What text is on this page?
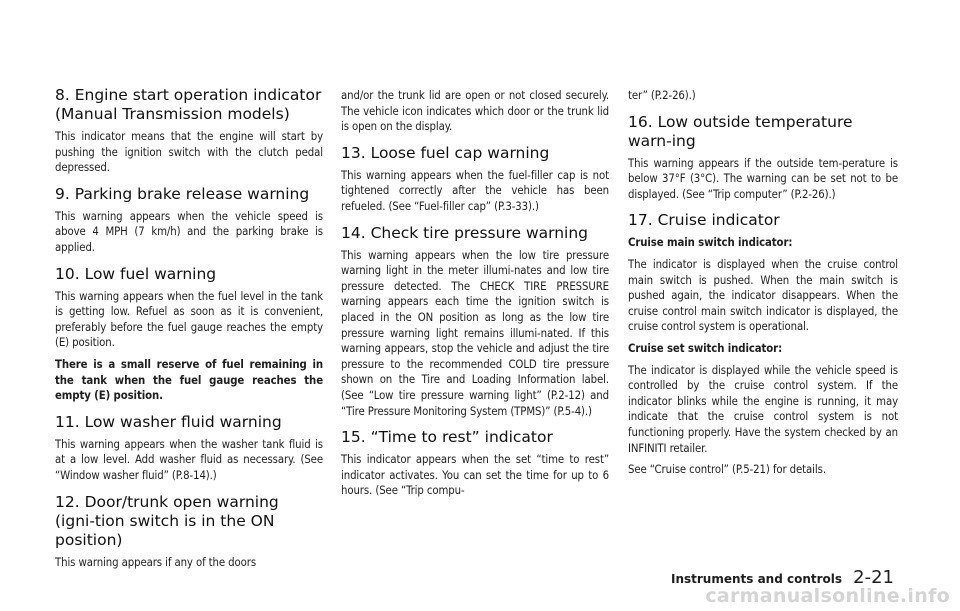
8. Engine start operation indicator (Manual Transmission models)

This indicator means that the engine will start by pushing the ignition switch with the clutch pedal depressed.

9. Parking brake release warning

This warning appears when the vehicle speed is above 4 MPH (7 km/h) and the parking brake is applied.

10. Low fuel warning

This warning appears when the fuel level in the tank is getting low. Refuel as soon as it is convenient, preferably before the fuel gauge reaches the empty (E) position.

There is a small reserve of fuel remaining in the tank when the fuel gauge reaches the empty (E) position.

11. Low washer fluid warning

This warning appears when the washer tank fluid is at a low level. Add washer fluid as necessary. (See “Window washer fluid” (P.8-14).)

12. Door/trunk open warning (igni-tion switch is in the ON position)

This warning appears if any of the doors

and/or the trunk lid are open or not closed securely. The vehicle icon indicates which door or the trunk lid is open on the display.

13. Loose fuel cap warning

This warning appears when the fuel-filler cap is not tightened correctly after the vehicle has been refueled. (See “Fuel-filler cap” (P.3-33).)

14. Check tire pressure warning

This warning appears when the low tire pressure warning light in the meter illumi-nates and low tire pressure detected. The CHECK TIRE PRESSURE warning appears each time the ignition switch is placed in the ON position as long as the low tire pressure warning light remains illumi-nated. If this warning appears, stop the vehicle and adjust the tire pressure to the recommended COLD tire pressure shown on the Tire and Loading Information label. (See “Low tire pressure warning light” (P.2-12) and “Tire Pressure Monitoring System (TPMS)” (P.5-4).)

15. “Time to rest” indicator

This indicator appears when the set “time to rest” indicator activates. You can set the time for up to 6 hours. (See “Trip compu-

ter” (P.2-26).)

16. Low outside temperature warn-ing

This warning appears if the outside tem-perature is below 37°F (3°C). The warning can be set not to be displayed. (See “Trip computer” (P.2-26).)

17. Cruise indicator

Cruise main switch indicator:

The indicator is displayed when the cruise control main switch is pushed. When the main switch is pushed again, the indicator disappears. When the cruise control main switch indicator is displayed, the cruise control system is operational.

Cruise set switch indicator:

The indicator is displayed while the vehicle speed is controlled by the cruise control system. If the indicator blinks while the engine is running, it may indicate that the cruise control system is not functioning properly. Have the system checked by an INFINITI retailer.

See “Cruise control” (P.5-21) for details.

Instruments and controls 2-21
carmanualsonline.info
